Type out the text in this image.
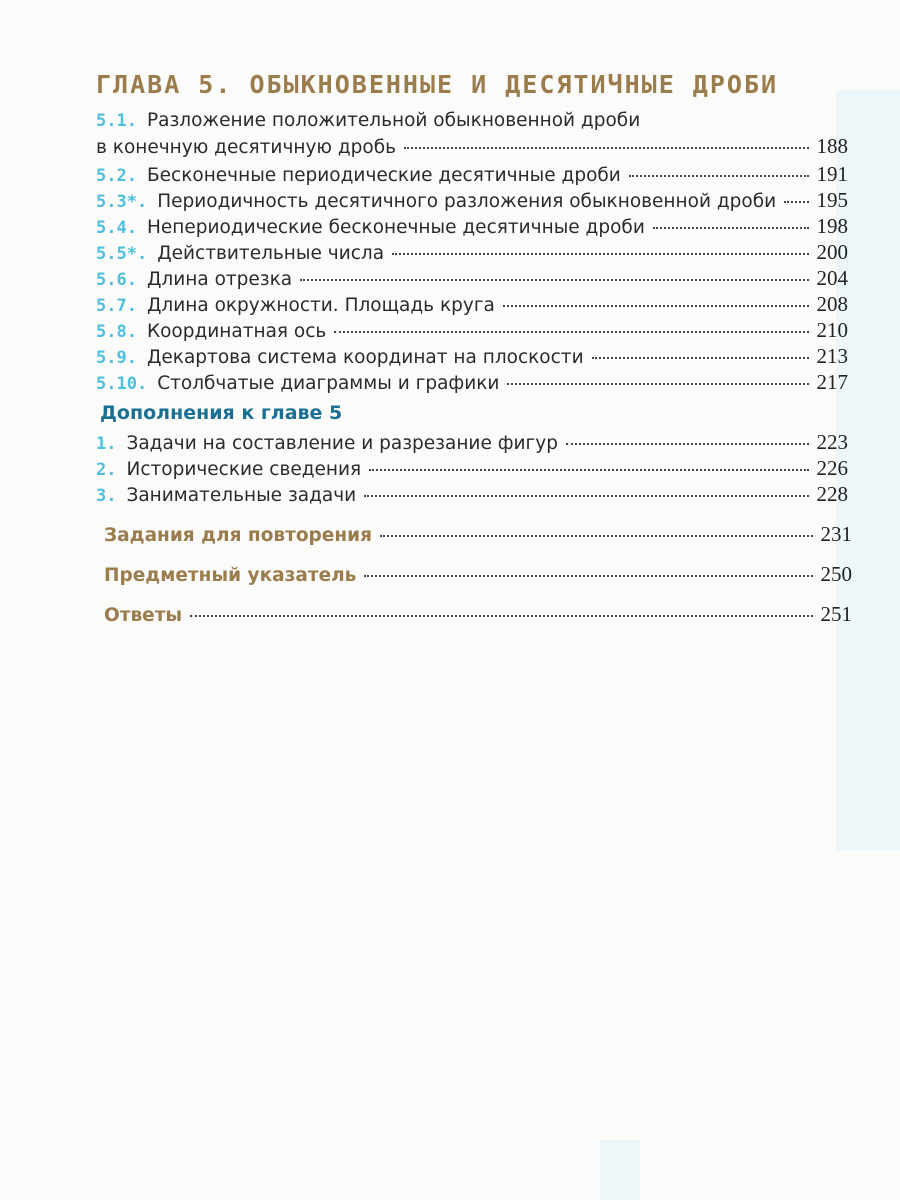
ГЛАВА 5. ОБЫКНОВЕННЫЕ И ДЕСЯТИЧНЫЕ ДРОБИ
5.1. Разложение положительной обыкновенной дроби
в конечную десятичную дробь	188
5.2. Бесконечные периодические десятичные дроби	191
5.3*. Периодичность десятичного разложения обыкновенной дроби 195
5.4. Непериодические бесконечные десятичные дроби	198
5.5*. Действительные числа	200
5.6. Длина отрезка	204
5.7. Длина окружности. Площадь круга	208
5.8. Координатная ось	210
5.9. Декартова система координат на плоскости	213
5.10. Столбчатые диаграммы и графики	217
Дополнения к главе 5
1. Задачи на составление и разрезание фигур	223
2. Исторические сведения	226
3. Занимательные задачи	228
Задания для повторения	231
Предметный указатель	250
Ответы	251
